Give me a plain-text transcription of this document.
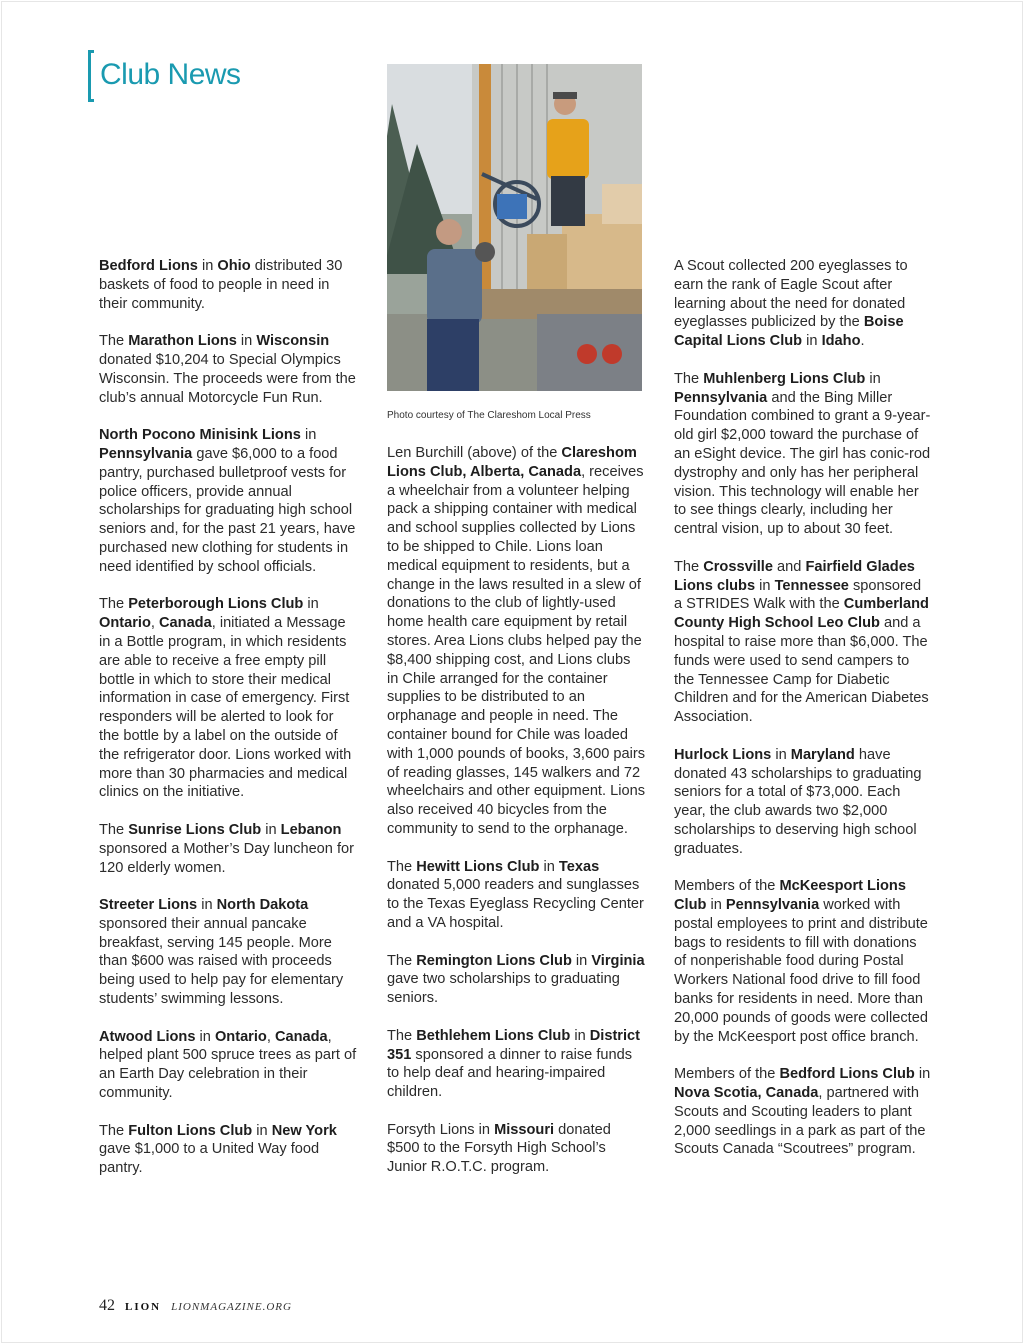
Club News

Bedford Lions in Ohio distributed 30 baskets of food to people in need in their community.

The Marathon Lions in Wisconsin donated $10,204 to Special Olympics Wisconsin. The proceeds were from the club’s annual Motorcycle Fun Run.

North Pocono Minisink Lions in Pennsylvania gave $6,000 to a food pantry, purchased bulletproof vests for police officers, provide annual scholarships for graduating high school seniors and, for the past 21 years, have purchased new clothing for students in need identified by school officials.

The Peterborough Lions Club in Ontario, Canada, initiated a Message in a Bottle program, in which residents are able to receive a free empty pill bottle in which to store their medical information in case of emergency. First responders will be alerted to look for the bottle by a label on the outside of the refrigerator door. Lions worked with more than 30 pharmacies and medical clinics on the initiative.

The Sunrise Lions Club in Lebanon sponsored a Mother’s Day luncheon for 120 elderly women.

Streeter Lions in North Dakota sponsored their annual pancake breakfast, serving 145 people. More than $600 was raised with proceeds being used to help pay for elementary students’ swimming lessons.

Atwood Lions in Ontario, Canada, helped plant 500 spruce trees as part of an Earth Day celebration in their community.

The Fulton Lions Club in New York gave $1,000 to a United Way food pantry.

Photo courtesy of The Clareshom Local Press

Len Burchill (above) of the Clareshom Lions Club, Alberta, Canada, receives a wheelchair from a volunteer helping pack a shipping container with medical and school supplies collected by Lions to be shipped to Chile. Lions loan medical equipment to residents, but a change in the laws resulted in a slew of donations to the club of lightly-used home health care equipment by retail stores. Area Lions clubs helped pay the $8,400 shipping cost, and Lions clubs in Chile arranged for the container supplies to be distributed to an orphanage and people in need. The container bound for Chile was loaded with 1,000 pounds of books, 3,600 pairs of reading glasses, 145 walkers and 72 wheelchairs and other equipment. Lions also received 40 bicycles from the community to send to the orphanage.

The Hewitt Lions Club in Texas donated 5,000 readers and sunglasses to the Texas Eyeglass Recycling Center and a VA hospital.

The Remington Lions Club in Virginia gave two scholarships to graduating seniors.

The Bethlehem Lions Club in District 351 sponsored a dinner to raise funds to help deaf and hearing-impaired children.

Forsyth Lions in Missouri donated $500 to the Forsyth High School’s Junior R.O.T.C. program.

A Scout collected 200 eyeglasses to earn the rank of Eagle Scout after learning about the need for donated eyeglasses publicized by the Boise Capital Lions Club in Idaho.

The Muhlenberg Lions Club in Pennsylvania and the Bing Miller Foundation combined to grant a 9-year-old girl $2,000 toward the purchase of an eSight device. The girl has conic-rod dystrophy and only has her peripheral vision. This technology will enable her to see things clearly, including her central vision, up to about 30 feet.

The Crossville and Fairfield Glades Lions clubs in Tennessee sponsored a STRIDES Walk with the Cumberland County High School Leo Club and a hospital to raise more than $6,000. The funds were used to send campers to the Tennessee Camp for Diabetic Children and for the American Diabetes Association.

Hurlock Lions in Maryland have donated 43 scholarships to graduating seniors for a total of $73,000. Each year, the club awards two $2,000 scholarships to deserving high school graduates.

Members of the McKeesport Lions Club in Pennsylvania worked with postal employees to print and distribute bags to residents to fill with donations of nonperishable food during Postal Workers National food drive to fill food banks for residents in need. More than 20,000 pounds of goods were collected by the McKeesport post office branch.

Members of the Bedford Lions Club in Nova Scotia, Canada, partnered with Scouts and Scouting leaders to plant 2,000 seedlings in a park as part of the Scouts Canada “Scoutrees” program.

42 LION LIONMAGAZINE.ORG
